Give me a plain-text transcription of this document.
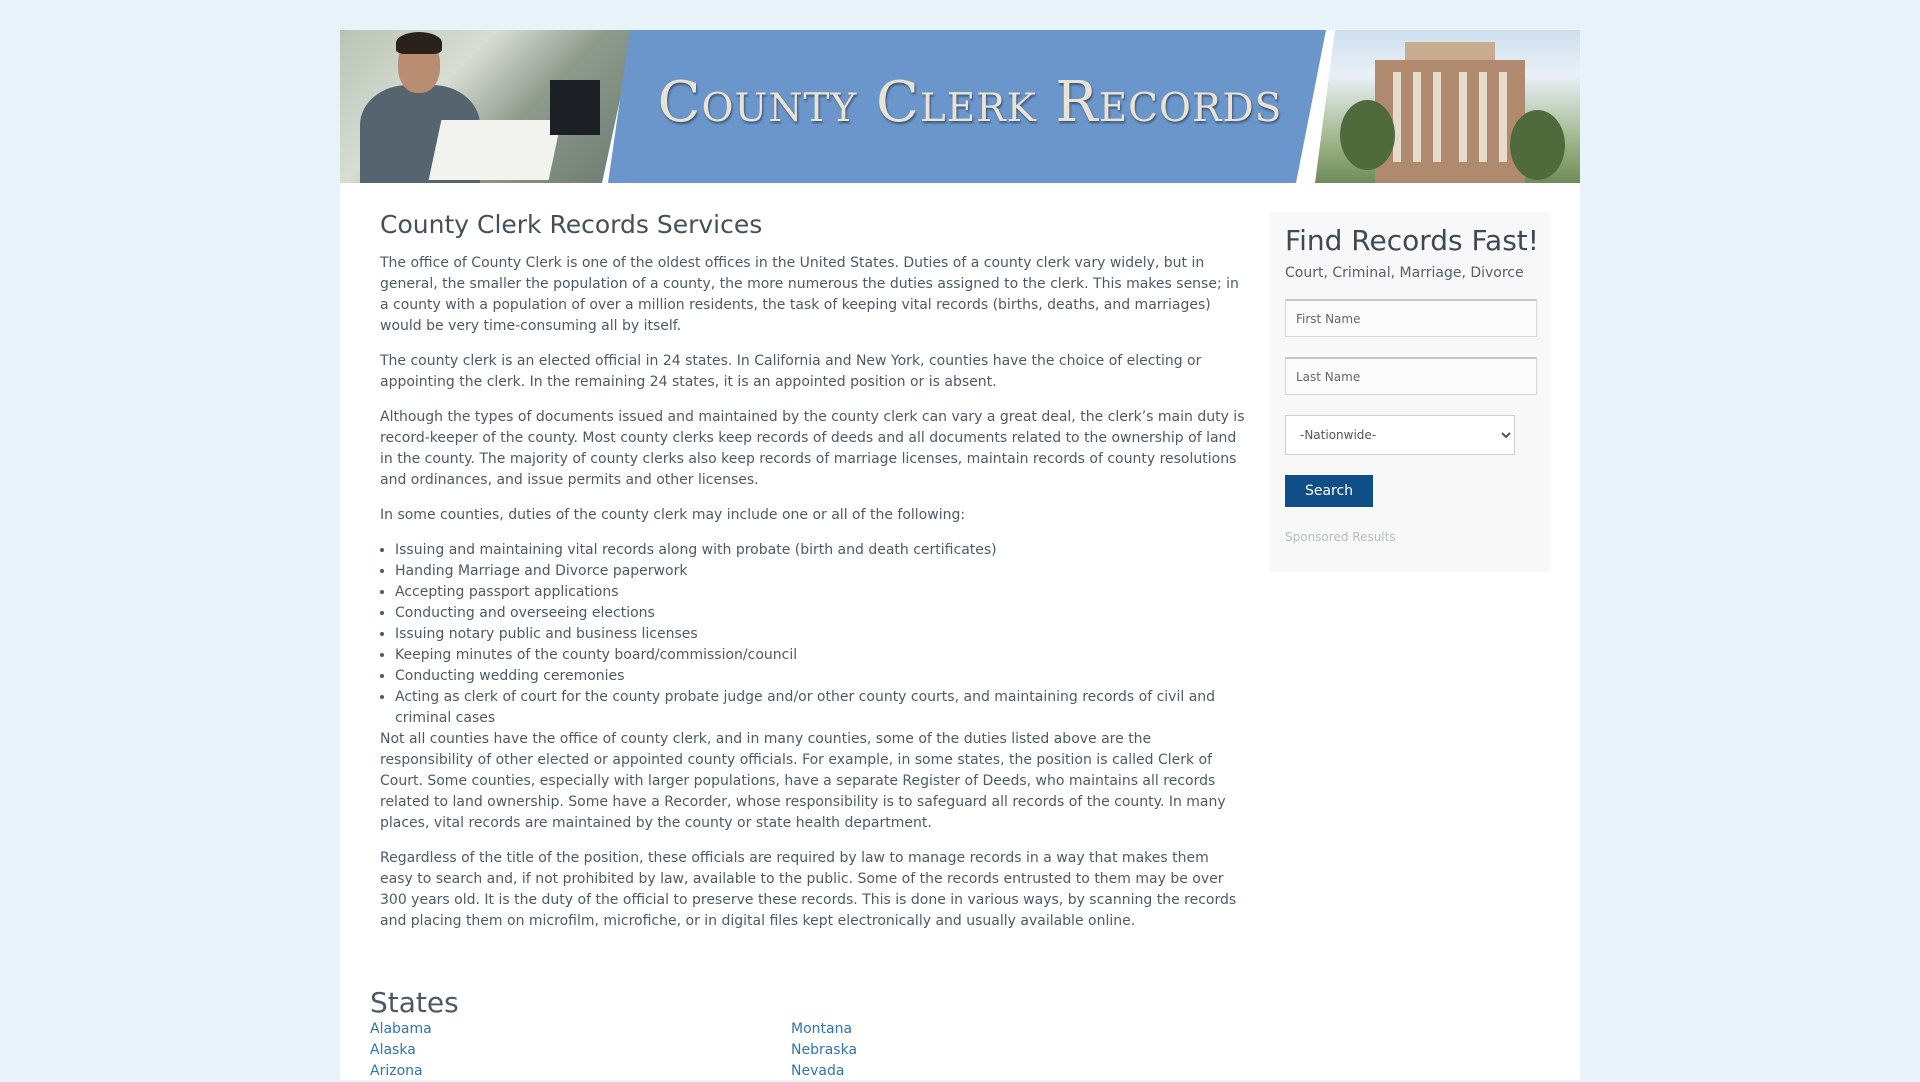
County Clerk Records
County Clerk Records Services

The office of County Clerk is one of the oldest offices in the United States. Duties of a county clerk vary widely, but in general, the smaller the population of a county, the more numerous the duties assigned to the clerk. This makes sense; in a county with a population of over a million residents, the task of keeping vital records (births, deaths, and marriages) would be very time-consuming all by itself.

The county clerk is an elected official in 24 states. In California and New York, counties have the choice of electing or appointing the clerk. In the remaining 24 states, it is an appointed position or is absent.

Although the types of documents issued and maintained by the county clerk can vary a great deal, the clerk’s main duty is record-keeper of the county. Most county clerks keep records of deeds and all documents related to the ownership of land in the county. The majority of county clerks also keep records of marriage licenses, maintain records of county resolutions and ordinances, and issue permits and other licenses.

In some counties, duties of the county clerk may include one or all of the following:

• Issuing and maintaining vital records along with probate (birth and death certificates)
• Handing Marriage and Divorce paperwork
• Accepting passport applications
• Conducting and overseeing elections
• Issuing notary public and business licenses
• Keeping minutes of the county board/commission/council
• Conducting wedding ceremonies
• Acting as clerk of court for the county probate judge and/or other county courts, and maintaining records of civil and criminal cases

Not all counties have the office of county clerk, and in many counties, some of the duties listed above are the responsibility of other elected or appointed county officials. For example, in some states, the position is called Clerk of Court. Some counties, especially with larger populations, have a separate Register of Deeds, who maintains all records related to land ownership. Some have a Recorder, whose responsibility is to safeguard all records of the county. In many places, vital records are maintained by the county or state health department.

Regardless of the title of the position, these officials are required by law to manage records in a way that makes them easy to search and, if not prohibited by law, available to the public. Some of the records entrusted to them may be over 300 years old. It is the duty of the official to preserve these records. This is done in various ways, by scanning the records and placing them on microfilm, microfiche, or in digital files kept electronically and usually available online.

Find Records Fast!
Court, Criminal, Marriage, Divorce
First Name
Last Name
-Nationwide-
Search
Sponsored Results
States
Alabama
Alaska
Arizona
Montana
Nebraska
Nevada
